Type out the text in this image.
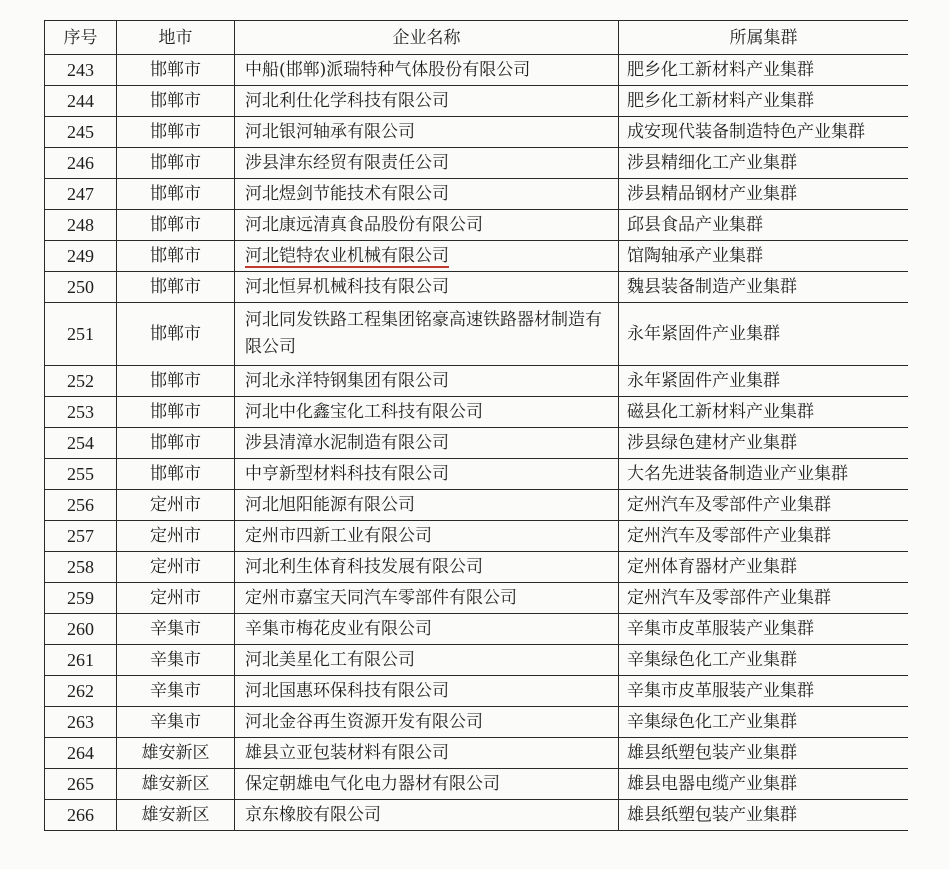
序号	地市	企业名称	所属集群
243	邯郸市	中船(邯郸)派瑞特种气体股份有限公司	肥乡化工新材料产业集群
244	邯郸市	河北利仕化学科技有限公司	肥乡化工新材料产业集群
245	邯郸市	河北银河轴承有限公司	成安现代装备制造特色产业集群
246	邯郸市	涉县津东经贸有限责任公司	涉县精细化工产业集群
247	邯郸市	河北煜剑节能技术有限公司	涉县精品钢材产业集群
248	邯郸市	河北康远清真食品股份有限公司	邱县食品产业集群
249	邯郸市	河北铠特农业机械有限公司	馆陶轴承产业集群
250	邯郸市	河北恒昇机械科技有限公司	魏县装备制造产业集群
251	邯郸市	河北同发铁路工程集团铭豪高速铁路器材制造有限公司	永年紧固件产业集群
252	邯郸市	河北永洋特钢集团有限公司	永年紧固件产业集群
253	邯郸市	河北中化鑫宝化工科技有限公司	磁县化工新材料产业集群
254	邯郸市	涉县清漳水泥制造有限公司	涉县绿色建材产业集群
255	邯郸市	中亨新型材料科技有限公司	大名先进装备制造业产业集群
256	定州市	河北旭阳能源有限公司	定州汽车及零部件产业集群
257	定州市	定州市四新工业有限公司	定州汽车及零部件产业集群
258	定州市	河北利生体育科技发展有限公司	定州体育器材产业集群
259	定州市	定州市嘉宝天同汽车零部件有限公司	定州汽车及零部件产业集群
260	辛集市	辛集市梅花皮业有限公司	辛集市皮革服装产业集群
261	辛集市	河北美星化工有限公司	辛集绿色化工产业集群
262	辛集市	河北国惠环保科技有限公司	辛集市皮革服装产业集群
263	辛集市	河北金谷再生资源开发有限公司	辛集绿色化工产业集群
264	雄安新区	雄县立亚包装材料有限公司	雄县纸塑包装产业集群
265	雄安新区	保定朝雄电气化电力器材有限公司	雄县电器电缆产业集群
266	雄安新区	京东橡胶有限公司	雄县纸塑包装产业集群
